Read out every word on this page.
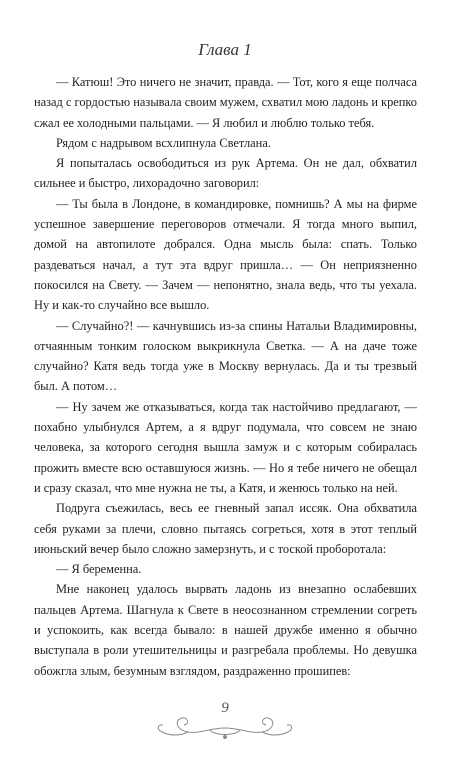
Глава 1

— Катюш! Это ничего не значит, правда. — Тот, кого я еще полчаса назад с гордостью называла своим мужем, схватил мою ладонь и крепко сжал ее холодными пальцами. — Я любил и люблю только тебя.

Рядом с надрывом всхлипнула Светлана.

Я попыталась освободиться из рук Артема. Он не дал, обхватил сильнее и быстро, лихорадочно заговорил:

— Ты была в Лондоне, в командировке, помнишь? А мы на фирме успешное завершение переговоров отмечали. Я тогда много выпил, домой на автопилоте добрался. Одна мысль была: спать. Только раздеваться начал, а тут эта вдруг пришла… — Он неприязненно покосился на Свету. — Зачем — непонятно, знала ведь, что ты уехала. Ну и как-то случайно все вышло.

— Случайно?! — качнувшись из-за спины Натальи Владимировны, отчаянным тонким голоском выкрикнула Светка. — А на даче тоже случайно? Катя ведь тогда уже в Москву вернулась. Да и ты трезвый был. А потом…

— Ну зачем же отказываться, когда так настойчиво предлагают, — похабно улыбнулся Артем, а я вдруг подумала, что совсем не знаю человека, за которого сегодня вышла замуж и с которым собиралась прожить вместе всю оставшуюся жизнь. — Но я тебе ничего не обещал и сразу сказал, что мне нужна не ты, а Катя, и женюсь только на ней.

Подруга съежилась, весь ее гневный запал иссяк. Она обхватила себя руками за плечи, словно пытаясь согреться, хотя в этот теплый июньский вечер было сложно замерзнуть, и с тоской проборотала:

— Я беременна.

Мне наконец удалось вырвать ладонь из внезапно ослабевших пальцев Артема. Шагнула к Свете в неосознанном стремлении согреть и успокоить, как всегда бывало: в нашей дружбе именно я обычно выступала в роли утешительницы и разгребала проблемы. Но девушка обожгла злым, безумным взглядом, раздраженно прошипев:

9
